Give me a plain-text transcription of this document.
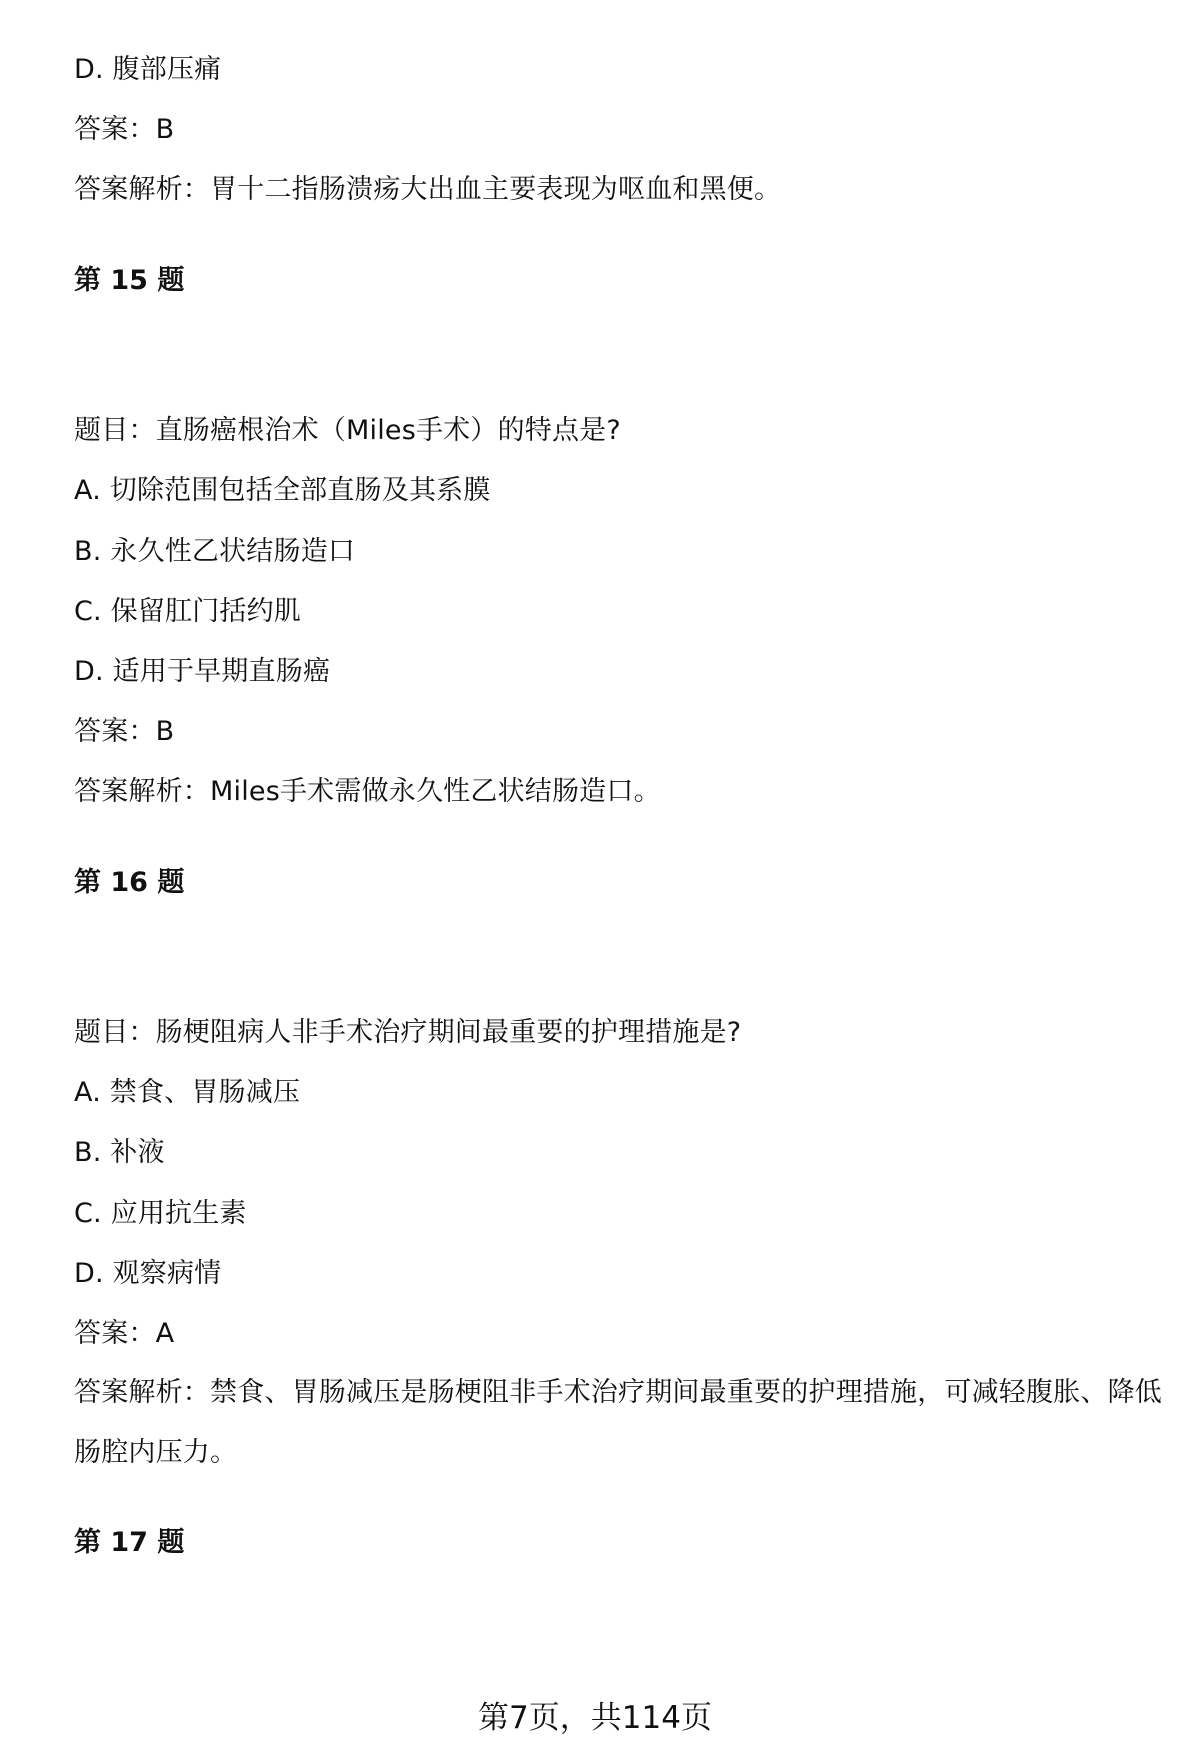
D. 腹部压痛
答案：B
答案解析：胃十二指肠溃疡大出血主要表现为呕血和黑便。
第 15 题
题目：直肠癌根治术（Miles手术）的特点是?
A. 切除范围包括全部直肠及其系膜
B. 永久性乙状结肠造口
C. 保留肛门括约肌
D. 适用于早期直肠癌
答案：B
答案解析：Miles手术需做永久性乙状结肠造口。
第 16 题
题目：肠梗阻病人非手术治疗期间最重要的护理措施是?
A. 禁食、胃肠减压
B. 补液
C. 应用抗生素
D. 观察病情
答案：A
答案解析：禁食、胃肠减压是肠梗阻非手术治疗期间最重要的护理措施，可减轻腹胀、降低肠腔内压力。
第 17 题
第7页，共114页
